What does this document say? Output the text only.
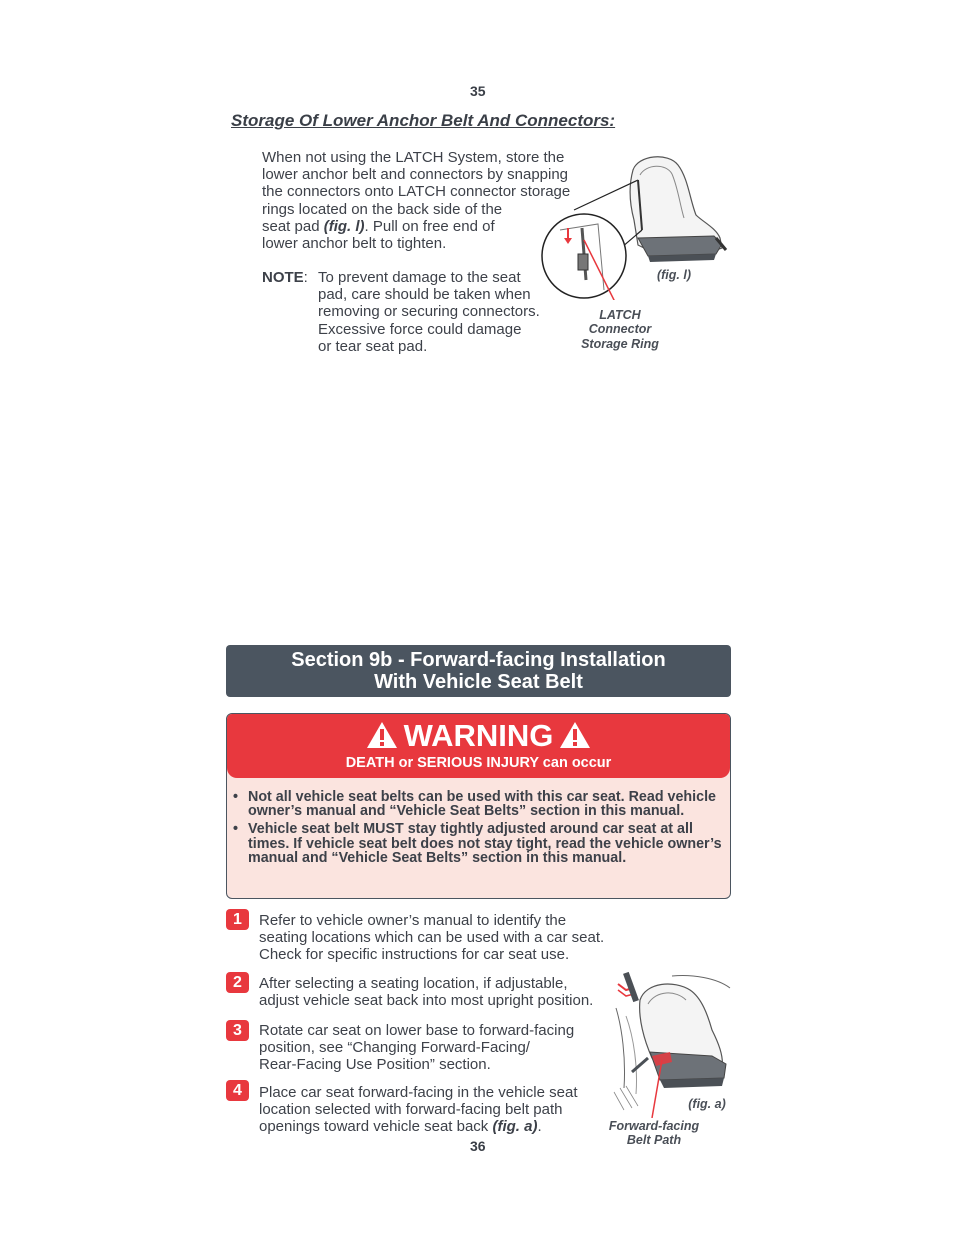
35
Storage Of Lower Anchor Belt And Connectors:
When not using the LATCH System, store the
lower anchor belt and connectors by snapping
the connectors onto LATCH connector storage
rings located on the back side of the
seat pad (fig. l). Pull on free end of
lower anchor belt to tighten.
NOTE: To prevent damage to the seat
pad, care should be taken when
removing or securing connectors.
Excessive force could damage
or tear seat pad.
(fig. l)
LATCH
Connector
Storage Ring
Section 9b - Forward-facing Installation
With Vehicle Seat Belt
WARNING
DEATH or SERIOUS INJURY can occur
• Not all vehicle seat belts can be used with this car seat. Read vehicle owner’s manual and “Vehicle Seat Belts” section in this manual.
• Vehicle seat belt MUST stay tightly adjusted around car seat at all times. If vehicle seat belt does not stay tight, read the vehicle owner’s manual and “Vehicle Seat Belts” section in this manual.
1	Refer to vehicle owner’s manual to identify the
seating locations which can be used with a car seat.
Check for specific instructions for car seat use.
2	After selecting a seating location, if adjustable,
adjust vehicle seat back into most upright position.
3	Rotate car seat on lower base to forward-facing
position, see “Changing Forward-Facing/
Rear-Facing Use Position” section.
4	Place car seat forward-facing in the vehicle seat
location selected with forward-facing belt path
openings toward vehicle seat back (fig. a).
(fig. a)
Forward-facing
Belt Path
36
